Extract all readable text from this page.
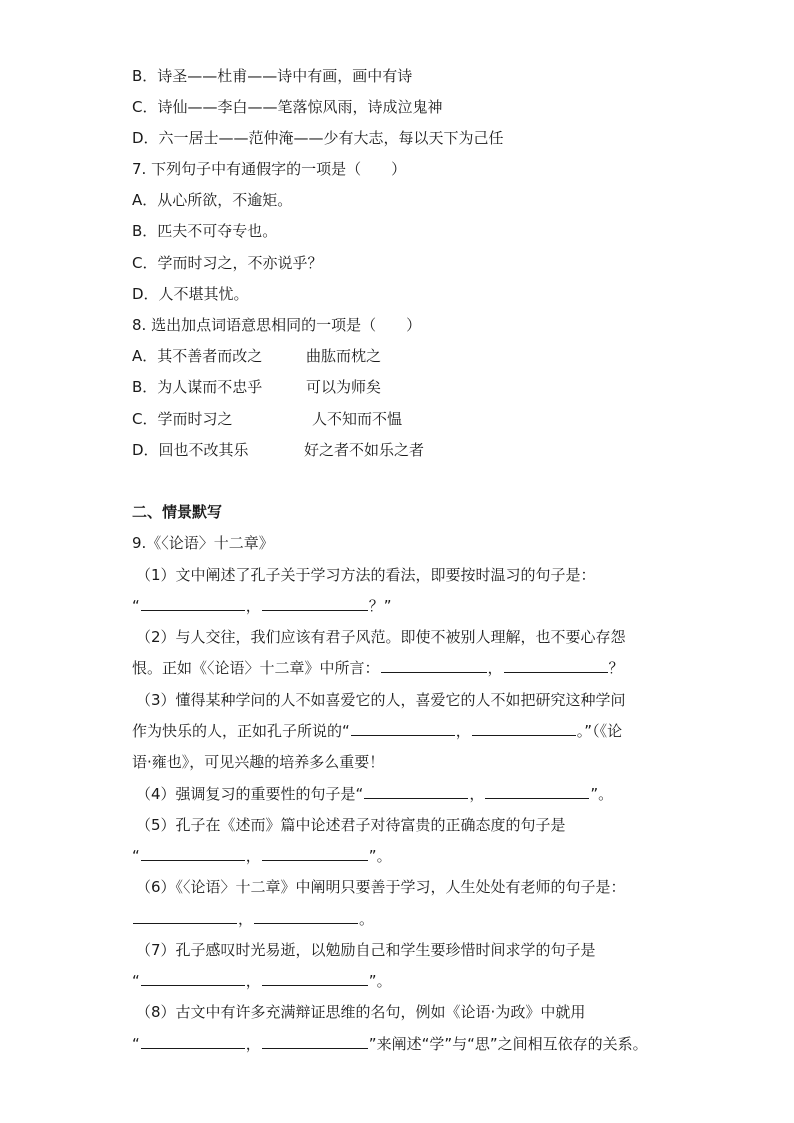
B．诗圣——杜甫——诗中有画，画中有诗
C．诗仙——李白——笔落惊风雨，诗成泣鬼神
D．六一居士——范仲淹——少有大志，每以天下为己任
7. 下列句子中有通假字的一项是（　　）
A．从心所欲，不逾矩。
B．匹夫不可夺专也。
C．学而时习之，不亦说乎？
D．人不堪其忧。
8. 选出加点词语意思相同的一项是（　　）
A．其不善者而改之	曲肱而枕之
B．为人谋而不忠乎	可以为师矣
C．学而时习之	人不知而不愠
D．回也不改其乐	好之者不如乐之者
二、情景默写
9.《〈论语〉十二章》
（1）文中阐述了孔子关于学习方法的看法，即要按时温习的句子是：
“	，	？”
（2）与人交往，我们应该有君子风范。即使不被别人理解，也不要心存怨
恨。正如《〈论语〉十二章》中所言：	，	？
（3）懂得某种学问的人不如喜爱它的人，喜爱它的人不如把研究这种学问
作为快乐的人，正如孔子所说的“	，	。”（《论
语·雍也》，可见兴趣的培养多么重要！
（4）强调复习的重要性的句子是“	，	”。
（5）孔子在《述而》篇中论述君子对待富贵的正确态度的句子是
“	，	”。
（6）《〈论语〉十二章》中阐明只要善于学习，人生处处有老师的句子是：
，	。
（7）孔子感叹时光易逝，以勉励自己和学生要珍惜时间求学的句子是
“	，	”。
（8）古文中有许多充满辩证思维的名句，例如《论语·为政》中就用
“	，	”来阐述“学”与“思”之间相互依存的关系。
